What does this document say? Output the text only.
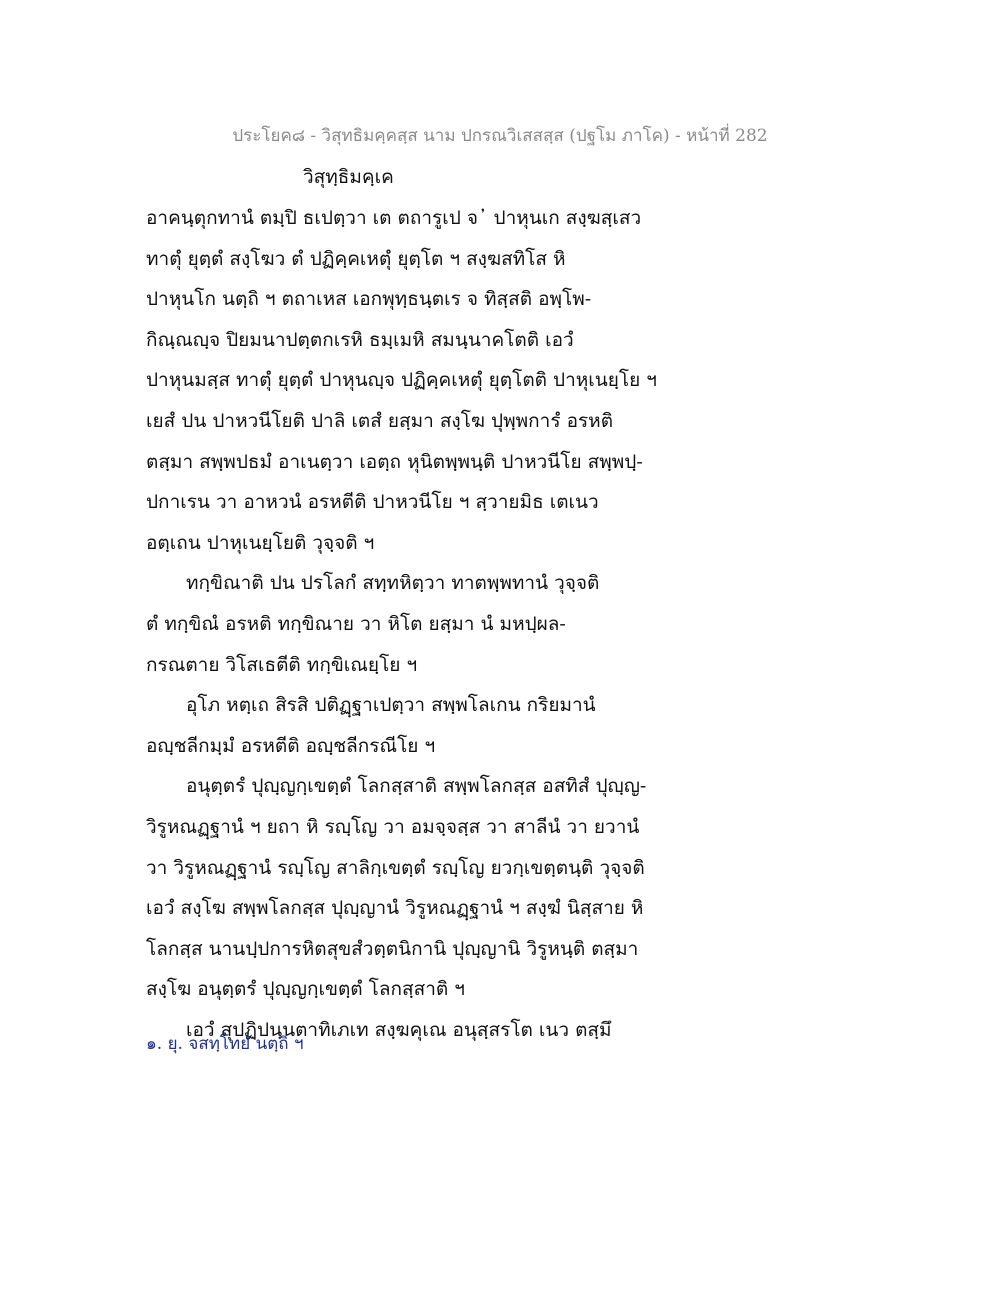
ประโยค๘ - วิสุทธิมคฺคสฺส นาม ปกรณวิเสสสฺส (ปฐโม ภาโค) - หน้าที่ 282
วิสุทฺธิมคฺเค
อาคนฺตุกทานํ ตมฺปิ ธเปตฺวา เต ตถารูเป จ᾿ ปาหุนเก สงฺฆสฺเสว
ทาตุํ ยุตฺตํ สงฺโฆว ตํ ปฏิคฺคเหตุํ ยุตฺโต ฯ สงฺฆสทิโส หิ
ปาหุนโก นตฺถิ ฯ ตถาเหส เอกพุทฺธนฺตเร จ ทิสฺสติ อพฺโพ-
กิณฺณญฺจ ปิยมนาปตฺตกเรหิ ธมฺเมหิ สมนฺนาคโตติ เอวํ
ปาหุนมสฺส ทาตุํ ยุตฺตํ ปาหุนญฺจ ปฏิคฺคเหตุํ ยุตฺโตติ ปาหุเนยฺโย ฯ
เยสํ ปน ปาหวนีโยติ ปาลิ เตสํ ยสฺมา สงฺโฆ ปุพฺพการํ อรหติ
ตสฺมา สพฺพปธมํ อาเนตฺวา เอตฺถ หุนิตพฺพนฺติ ปาหวนีโย สพฺพปฺ-
ปกาเรน วา อาหวนํ อรหตีติ ปาหวนีโย ฯ สฺวายมิธ เตเนว
อตฺเถน ปาหุเนยฺโยติ วุจฺจติ ฯ
ทกฺขิณาติ ปน ปรโลกํ สทฺทหิตฺวา ทาตพฺพทานํ วุจฺจติ
ตํ ทกฺขิณํ อรหติ ทกฺขิณาย วา หิโต ยสฺมา นํ มหปฺผล-
กรณตาย วิโสเธตีติ ทกฺขิเณยฺโย ฯ
อุโภ หตฺเถ สิรสิ ปติฏฺฐาเปตฺวา สพฺพโลเกน กริยมานํ
อญฺชลีกมฺมํ อรหตีติ อญฺชลีกรณีโย ฯ
อนุตฺตรํ ปุญฺญกฺเขตฺตํ โลกสฺสาติ สพฺพโลกสฺส อสทิสํ ปุญฺญ-
วิรูหณฏฺฐานํ ฯ ยถา หิ รญฺโญ วา อมจฺจสฺส วา สาลีนํ วา ยวานํ
วา วิรูหณฏฺฐานํ รญฺโญ สาลิกฺเขตฺตํ รญฺโญ ยวกฺเขตฺตนฺติ วุจฺจติ
เอวํ สงฺโฆ สพฺพโลกสฺส ปุญฺญานํ วิรูหณฏฺฐานํ ฯ สงฺฆํ นิสฺสาย หิ
โลกสฺส นานปฺปการหิตสุขสํวตฺตนิกานิ ปุญฺญานิ วิรูหนฺติ ตสฺมา
สงฺโฆ อนุตฺตรํ ปุญฺญกฺเขตฺตํ โลกสฺสาติ ฯ
เอวํ สุปฏิปนฺนตาทิเภเท สงฺฆคุเณ อนุสฺสรโต เนว ตสฺมึ
๑. ยุ. จสทฺโทยํ นตฺถิ ฯ
